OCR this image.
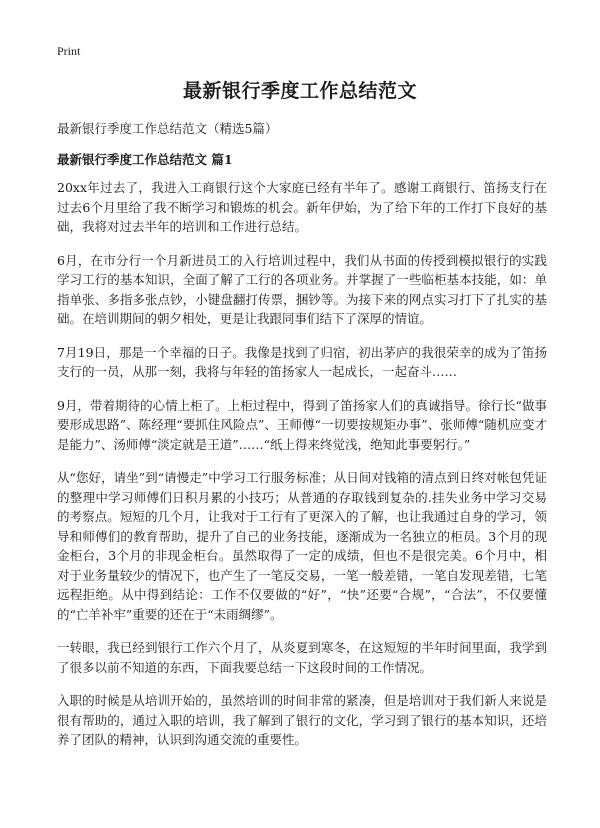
Print
最新银行季度工作总结范文
最新银行季度工作总结范文（精选5篇）
最新银行季度工作总结范文 篇1

20xx年过去了，我进入工商银行这个大家庭已经有半年了。感谢工商银行、笛扬支行在过去6个月里给了我不断学习和锻炼的机会。新年伊始，为了给下年的工作打下良好的基础，我将对过去半年的培训和工作进行总结。

6月，在市分行一个月新进员工的入行培训过程中，我们从书面的传授到模拟银行的实践学习工行的基本知识，全面了解了工行的各项业务。并掌握了一些临柜基本技能，如：单指单张、多指多张点钞，小键盘翻打传票，捆钞等。为接下来的网点实习打下了扎实的基础。在培训期间的朝夕相处，更是让我跟同事们结下了深厚的情谊。

7月19日，那是一个幸福的日子。我像是找到了归宿，初出茅庐的我很荣幸的成为了笛扬支行的一员，从那一刻，我将与年轻的笛扬家人一起成长，一起奋斗……

9月，带着期待的心情上柜了。上柜过程中，得到了笛扬家人们的真诚指导。徐行长“做事要形成思路”、陈经理“要抓住风险点”、王师傅“一切要按规矩办事”、张师傅“随机应变才是能力”、汤师傅“淡定就是王道”……“纸上得来终觉浅，绝知此事要躬行。”

从“您好，请坐”到“请慢走”中学习工行服务标准；从日间对钱箱的清点到日终对帐包凭证的整理中学习师傅们日积月累的小技巧；从普通的存取钱到复杂的.挂失业务中学习交易的考察点。短短的几个月，让我对于工行有了更深入的了解，也让我通过自身的学习，领导和师傅们的教育帮助，提升了自己的业务技能，逐渐成为一名独立的柜员。3个月的现金柜台，3个月的非现金柜台。虽然取得了一定的成绩，但也不是很完美。6个月中，相对于业务量较少的情况下，也产生了一笔反交易，一笔一般差错，一笔自发现差错，七笔远程拒绝。从中得到结论：工作不仅要做的“好”，“快”还要“合规”，“合法”，不仅要懂的“亡羊补牢”重要的还在于“未雨绸缪”。

一转眼，我已经到银行工作六个月了，从炎夏到寒冬，在这短短的半年时间里面，我学到了很多以前不知道的东西，下面我要总结一下这段时间的工作情况。

入职的时候是从培训开始的，虽然培训的时间非常的紧凑，但是培训对于我们新人来说是很有帮助的，通过入职的培训，我了解到了银行的文化，学习到了银行的基本知识，还培养了团队的精神，认识到沟通交流的重要性。
